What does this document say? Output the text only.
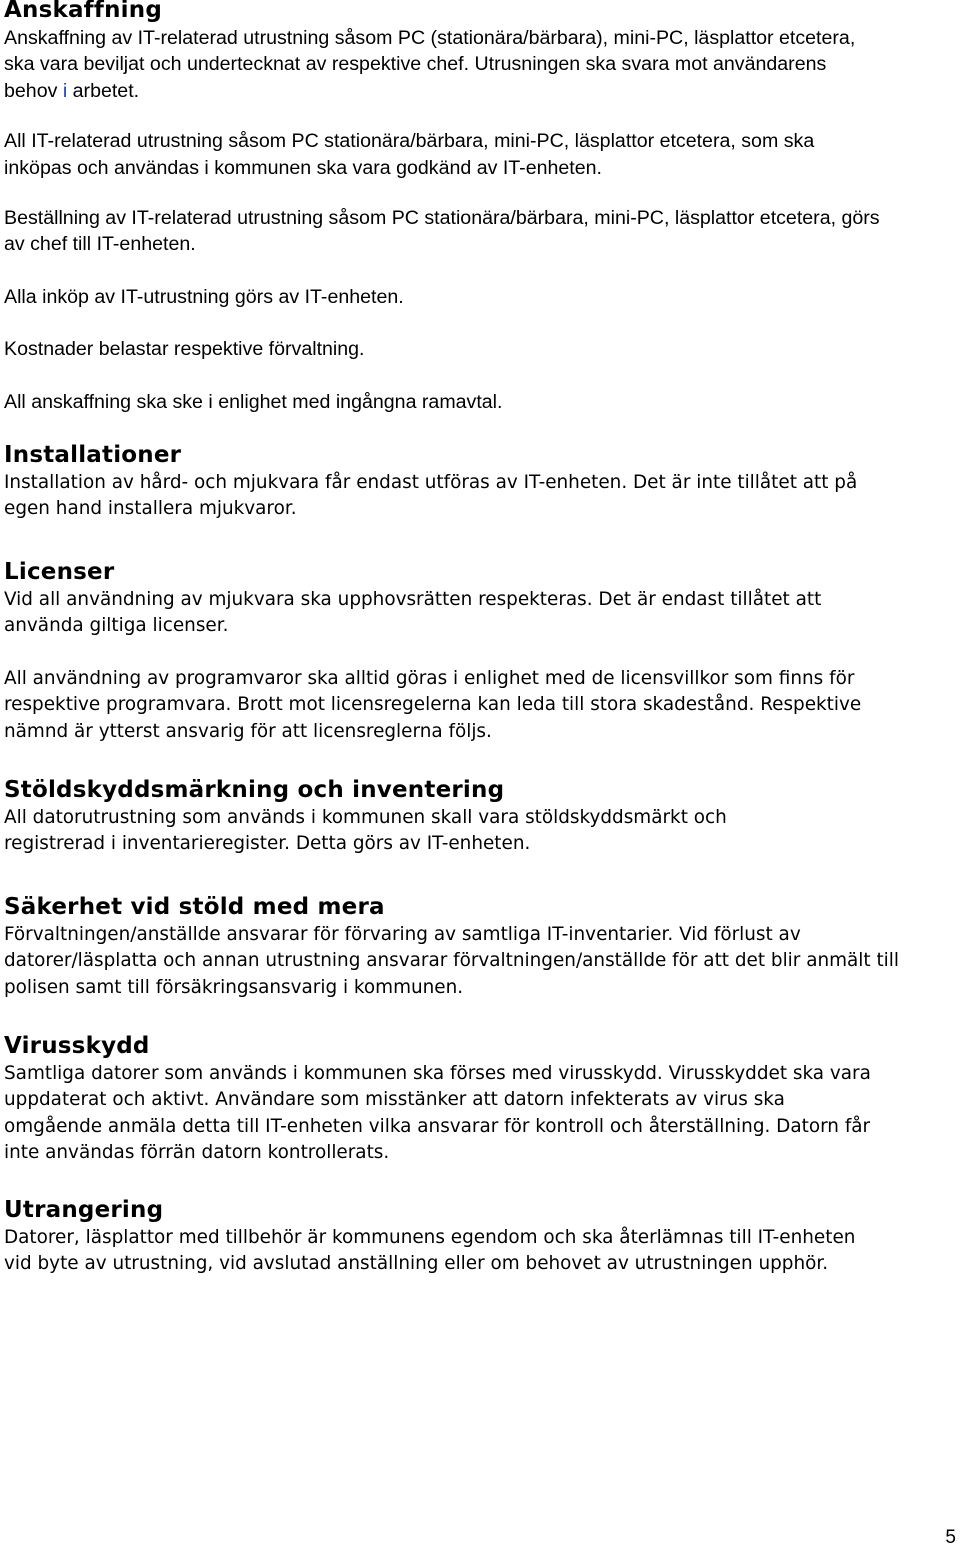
Anskaffning

Anskaffning av IT-relaterad utrustning såsom PC (stationära/bärbara), mini-PC, läsplattor etcetera, ska vara beviljat och undertecknat av respektive chef. Utrusningen ska svara mot användarens behov i arbetet.

All IT-relaterad utrustning såsom PC stationära/bärbara, mini-PC, läsplattor etcetera, som ska inköpas och användas i kommunen ska vara godkänd av IT-enheten.

Beställning av IT-relaterad utrustning såsom PC stationära/bärbara, mini-PC, läsplattor etcetera, görs av chef till IT-enheten.

Alla inköp av IT-utrustning görs av IT-enheten.

Kostnader belastar respektive förvaltning.

All anskaffning ska ske i enlighet med ingångna ramavtal.

Installationer

Installation av hård- och mjukvara får endast utföras av IT-enheten. Det är inte tillåtet att på egen hand installera mjukvaror.

Licenser

Vid all användning av mjukvara ska upphovsrätten respekteras. Det är endast tillåtet att använda giltiga licenser.

All användning av programvaror ska alltid göras i enlighet med de licensvillkor som finns för respektive programvara. Brott mot licensregelerna kan leda till stora skadestånd. Respektive nämnd är ytterst ansvarig för att licensreglerna följs.

Stöldskyddsmärkning och inventering

All datorutrustning som används i kommunen skall vara stöldskyddsmärkt och registrerad i inventarieregister. Detta görs av IT-enheten.

Säkerhet vid stöld med mera

Förvaltningen/anställde ansvarar för förvaring av samtliga IT-inventarier. Vid förlust av datorer/läsplatta och annan utrustning ansvarar förvaltningen/anställde för att det blir anmält till polisen samt till försäkringsansvarig i kommunen.

Virusskydd

Samtliga datorer som används i kommunen ska förses med virusskydd. Virusskyddet ska vara uppdaterat och aktivt. Användare som misstänker att datorn infekterats av virus ska omgående anmäla detta till IT-enheten vilka ansvarar för kontroll och återställning. Datorn får inte användas förrän datorn kontrollerats.

Utrangering

Datorer, läsplattor med tillbehör är kommunens egendom och ska återlämnas till IT-enheten vid byte av utrustning, vid avslutad anställning eller om behovet av utrustningen upphör.

5
